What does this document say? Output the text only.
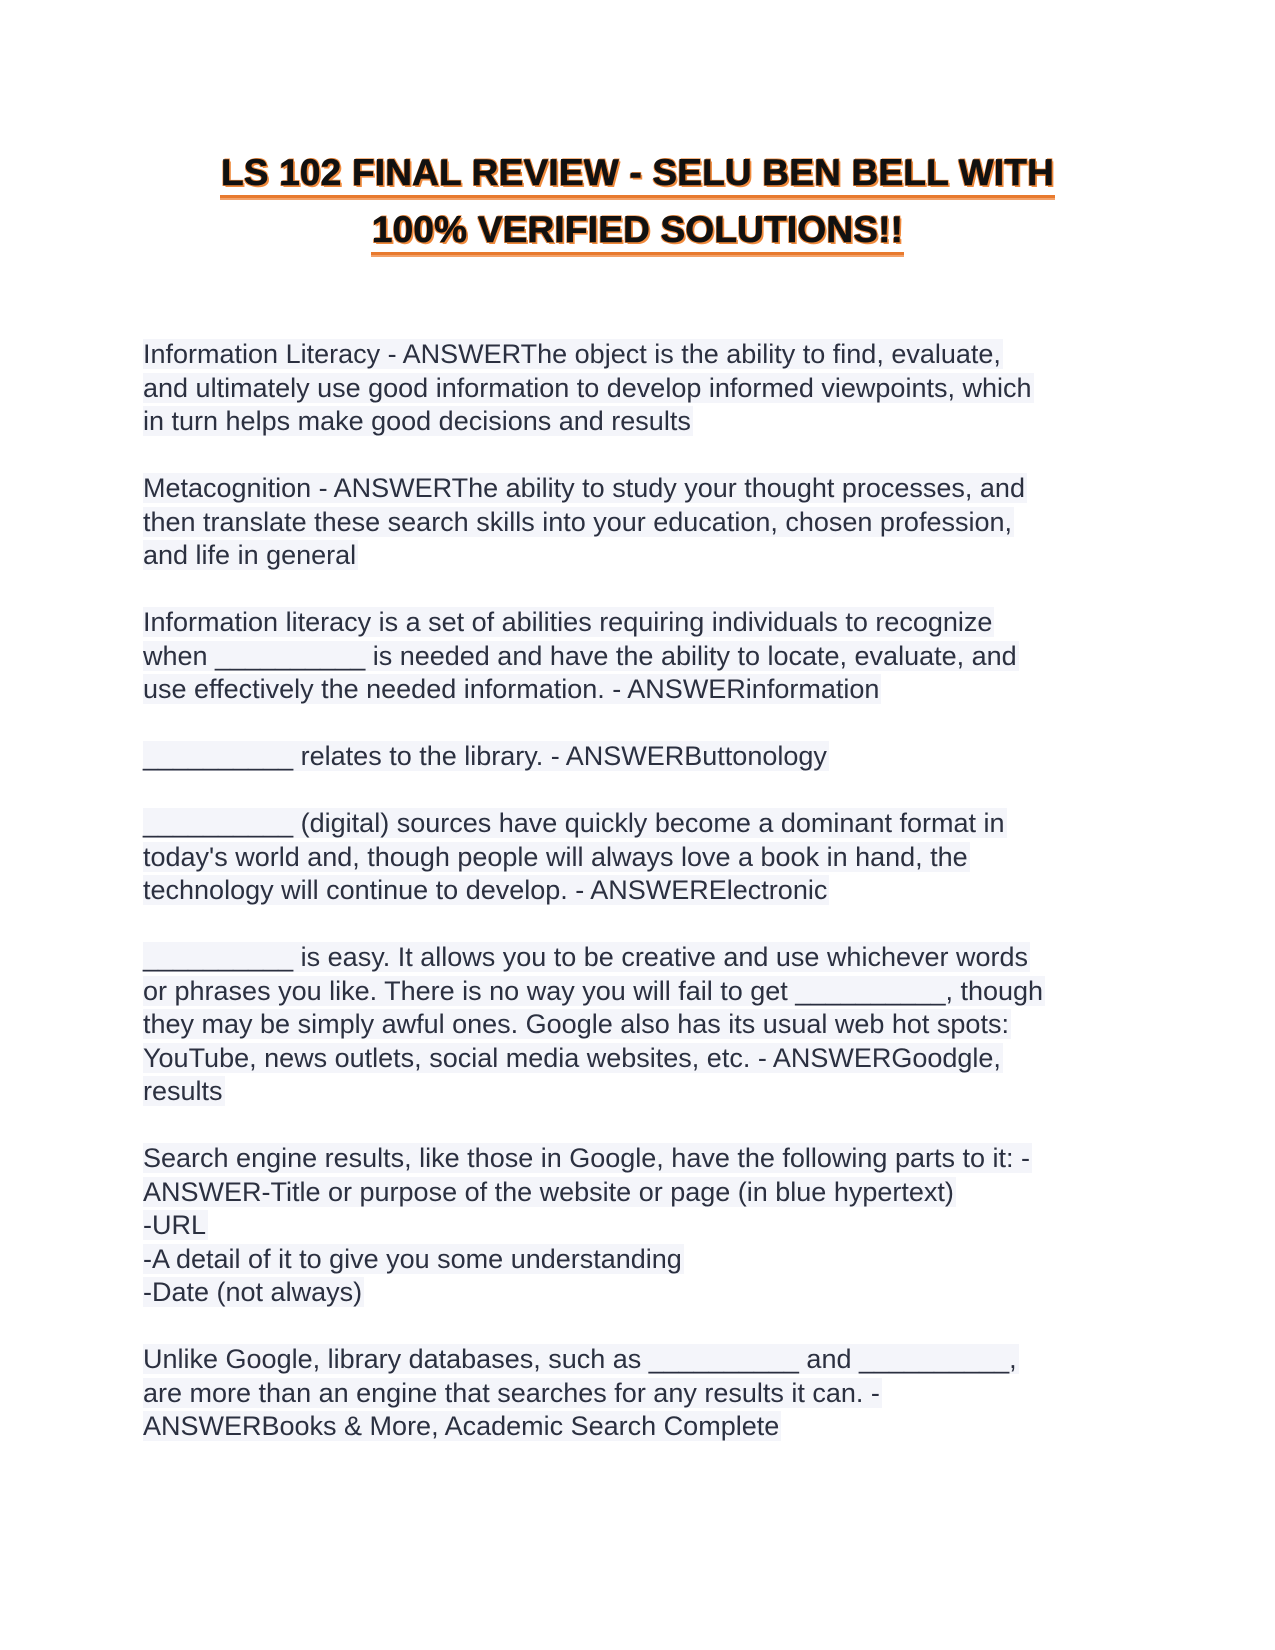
LS 102 FINAL REVIEW - SELU BEN BELL WITH
100% VERIFIED SOLUTIONS!!
Information Literacy - ANSWERThe object is the ability to find, evaluate,
and ultimately use good information to develop informed viewpoints, which
in turn helps make good decisions and results
Metacognition - ANSWERThe ability to study your thought processes, and
then translate these search skills into your education, chosen profession,
and life in general
Information literacy is a set of abilities requiring individuals to recognize
when __________ is needed and have the ability to locate, evaluate, and
use effectively the needed information. - ANSWERinformation
__________ relates to the library. - ANSWERButtonology
__________ (digital) sources have quickly become a dominant format in
today's world and, though people will always love a book in hand, the
technology will continue to develop. - ANSWERElectronic
__________ is easy. It allows you to be creative and use whichever words
or phrases you like. There is no way you will fail to get __________, though
they may be simply awful ones. Google also has its usual web hot spots:
YouTube, news outlets, social media websites, etc. - ANSWERGoodgle,
results
Search engine results, like those in Google, have the following parts to it: -
ANSWER-Title or purpose of the website or page (in blue hypertext)
-URL
-A detail of it to give you some understanding
-Date (not always)
Unlike Google, library databases, such as __________ and __________,
are more than an engine that searches for any results it can. -
ANSWERBooks & More, Academic Search Complete
